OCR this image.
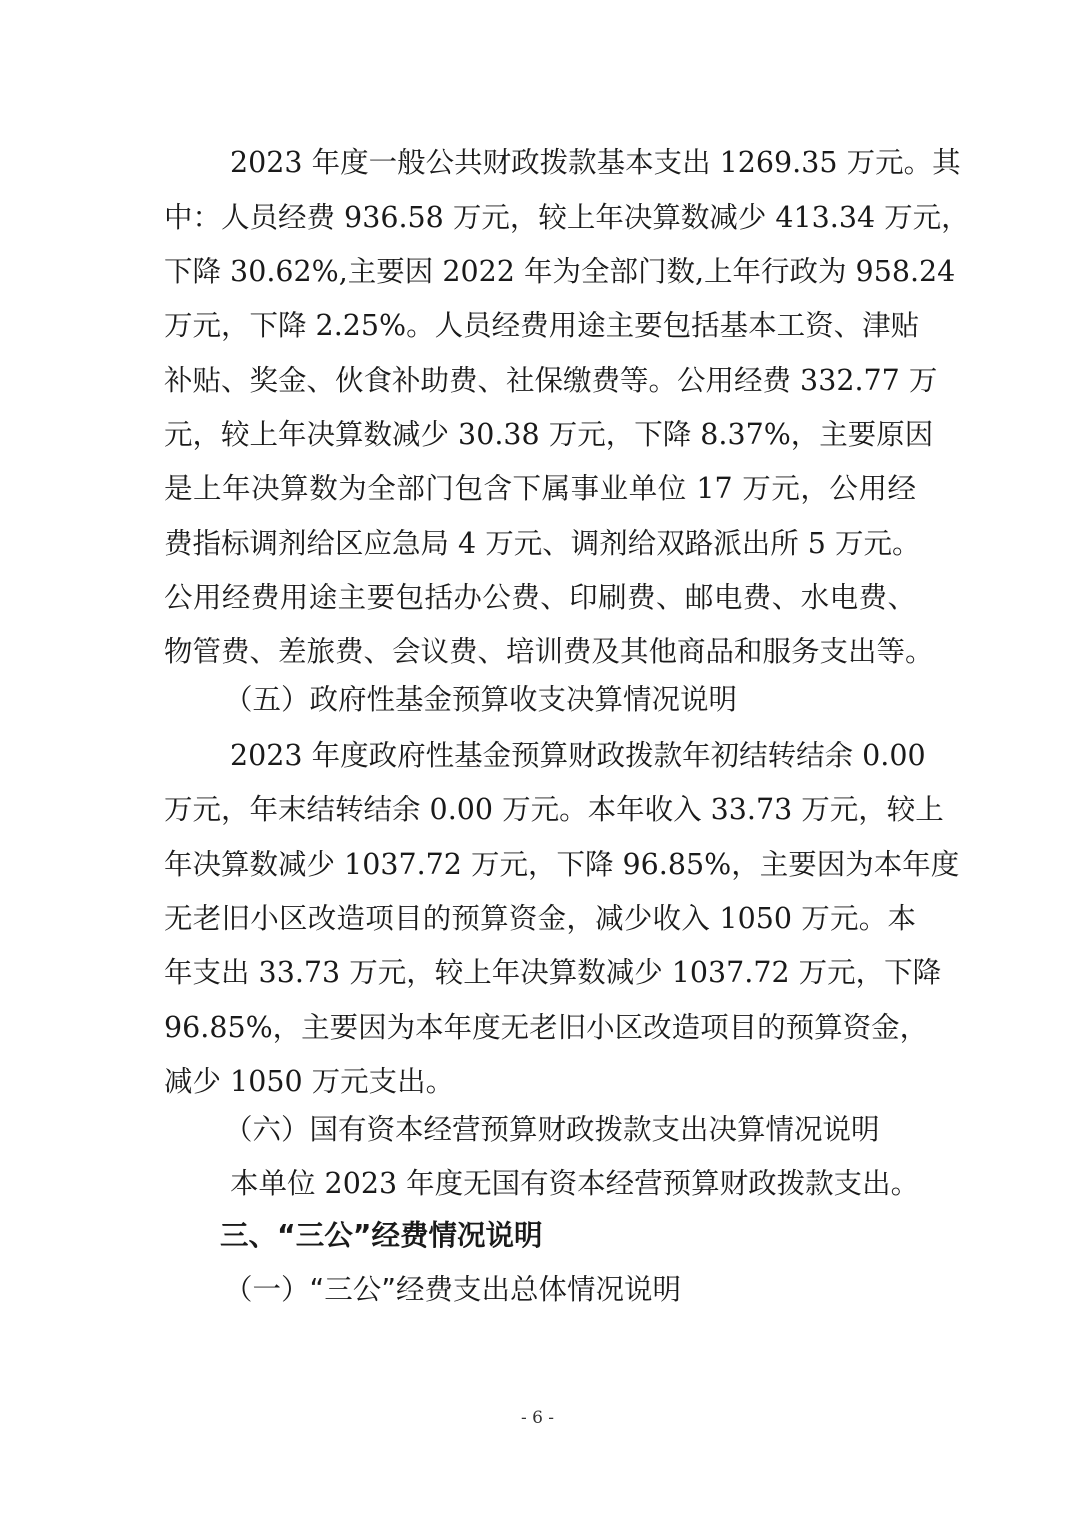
2023 年度一般公共财政拨款基本支出 1269.35 万元。其
中：人员经费 936.58 万元，较上年决算数减少 413.34 万元，
下降 30.62%,主要因 2022 年为全部门数,上年行政为 958.24
万元，下降 2.25%。人员经费用途主要包括基本工资、津贴
补贴、奖金、伙食补助费、社保缴费等。公用经费 332.77 万
元，较上年决算数减少 30.38 万元，下降 8.37%，主要原因
是上年决算数为全部门包含下属事业单位 17 万元，公用经
费指标调剂给区应急局 4 万元、调剂给双路派出所 5 万元。
公用经费用途主要包括办公费、印刷费、邮电费、水电费、
物管费、差旅费、会议费、培训费及其他商品和服务支出等。
（五）政府性基金预算收支决算情况说明
2023 年度政府性基金预算财政拨款年初结转结余 0.00
万元，年末结转结余 0.00 万元。本年收入 33.73 万元，较上
年决算数减少 1037.72 万元，下降 96.85%，主要因为本年度
无老旧小区改造项目的预算资金，减少收入 1050 万元。本
年支出 33.73 万元，较上年决算数减少 1037.72 万元，下降
96.85%，主要因为本年度无老旧小区改造项目的预算资金，
减少 1050 万元支出。
（六）国有资本经营预算财政拨款支出决算情况说明
本单位 2023 年度无国有资本经营预算财政拨款支出。
三、“三公”经费情况说明
（一）“三公”经费支出总体情况说明
- 6 -
